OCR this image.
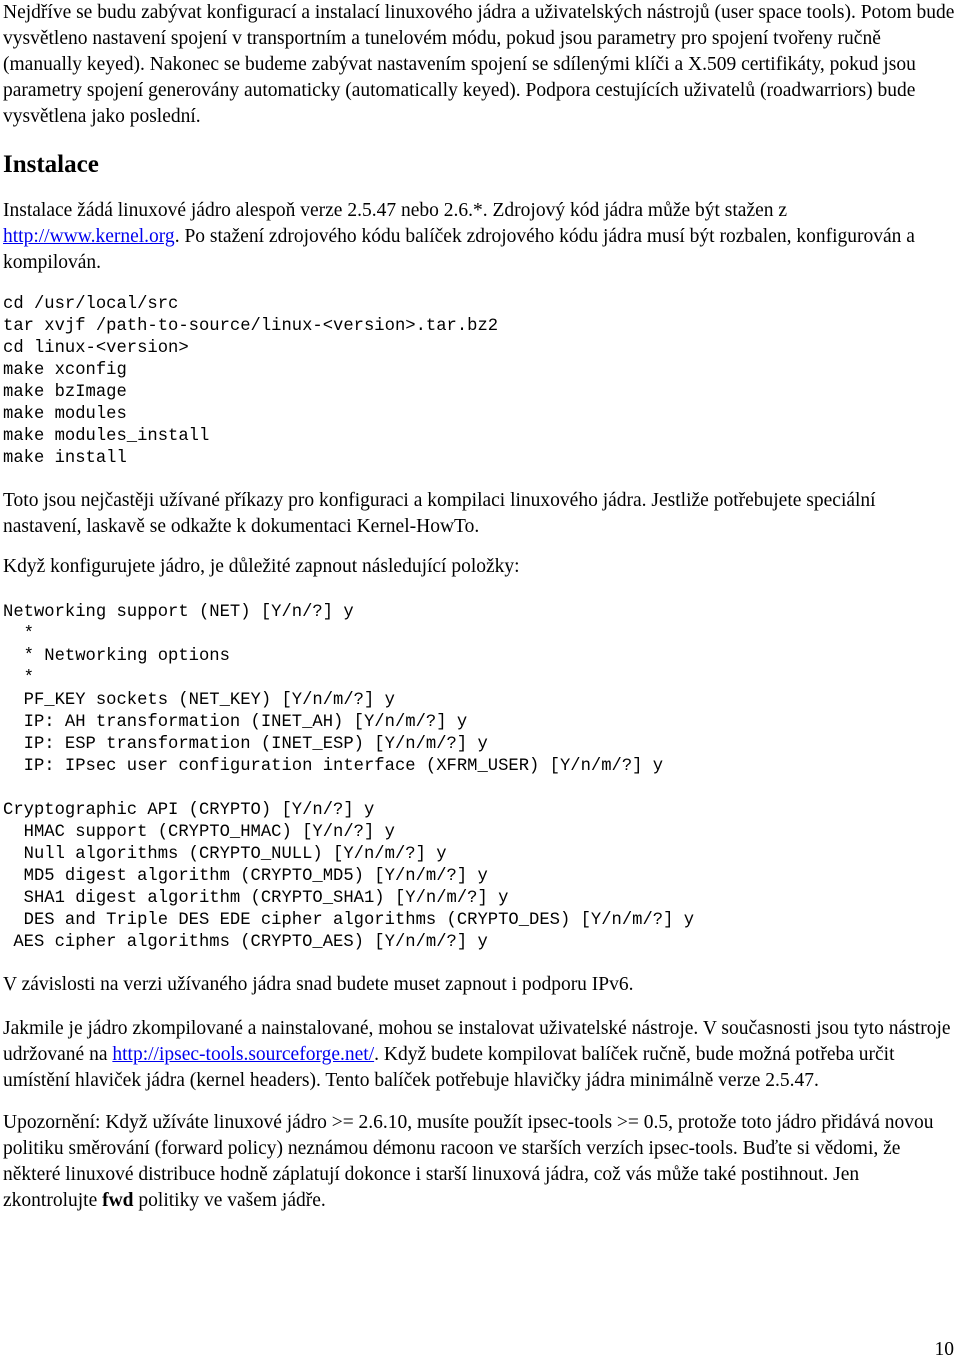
Nejdříve se budu zabývat konfigurací a instalací linuxového jádra a uživatelských nástrojů (user space tools). Potom bude vysvětleno nastavení spojení v transportním a tunelovém módu, pokud jsou parametry pro spojení tvořeny ručně (manually keyed). Nakonec se budeme zabývat nastavením spojení se sdílenými klíči a X.509 certifikáty, pokud jsou parametry spojení generovány automaticky (automatically keyed). Podpora cestujících uživatelů (roadwarriors) bude vysvětlena jako poslední.

Instalace

Instalace žádá linuxové jádro alespoň verze 2.5.47 nebo 2.6.*. Zdrojový kód jádra může být stažen z http://www.kernel.org. Po stažení zdrojového kódu balíček zdrojového kódu jádra musí být rozbalen, konfigurován a kompilován.

cd /usr/local/src
tar xvjf /path-to-source/linux-<version>.tar.bz2
cd linux-<version>
make xconfig
make bzImage
make modules
make modules_install
make install

Toto jsou nejčastěji užívané příkazy pro konfiguraci a kompilaci linuxového jádra. Jestliže potřebujete speciální nastavení, laskavě se odkažte k dokumentaci Kernel-HowTo.

Když konfigurujete jádro, je důležité zapnout následující položky:

Networking support (NET) [Y/n/?] y
*
* Networking options
*
PF_KEY sockets (NET_KEY) [Y/n/m/?] y
IP: AH transformation (INET_AH) [Y/n/m/?] y
IP: ESP transformation (INET_ESP) [Y/n/m/?] y
IP: IPsec user configuration interface (XFRM_USER) [Y/n/m/?] y
Cryptographic API (CRYPTO) [Y/n/?] y
HMAC support (CRYPTO_HMAC) [Y/n/?] y
Null algorithms (CRYPTO_NULL) [Y/n/m/?] y
MD5 digest algorithm (CRYPTO_MD5) [Y/n/m/?] y
SHA1 digest algorithm (CRYPTO_SHA1) [Y/n/m/?] y
DES and Triple DES EDE cipher algorithms (CRYPTO_DES) [Y/n/m/?] y
AES cipher algorithms (CRYPTO_AES) [Y/n/m/?] y

V závislosti na verzi užívaného jádra snad budete muset zapnout i podporu IPv6.

Jakmile je jádro zkompilované a nainstalované, mohou se instalovat uživatelské nástroje. V současnosti jsou tyto nástroje udržované na http://ipsec-tools.sourceforge.net/. Když budete kompilovat balíček ručně, bude možná potřeba určit umístění hlaviček jádra (kernel headers). Tento balíček potřebuje hlavičky jádra minimálně verze 2.5.47.

Upozornění: Když užíváte linuxové jádro >= 2.6.10, musíte použít ipsec-tools >= 0.5, protože toto jádro přidává novou politiku směrování (forward policy) neznámou démonu racoon ve starších verzích ipsec-tools. Buďte si vědomi, že některé linuxové distribuce hodně záplatují dokonce i starší linuxová jádra, což vás může také postihnout. Jen zkontrolujte fwd politiky ve vašem jádře.

10
